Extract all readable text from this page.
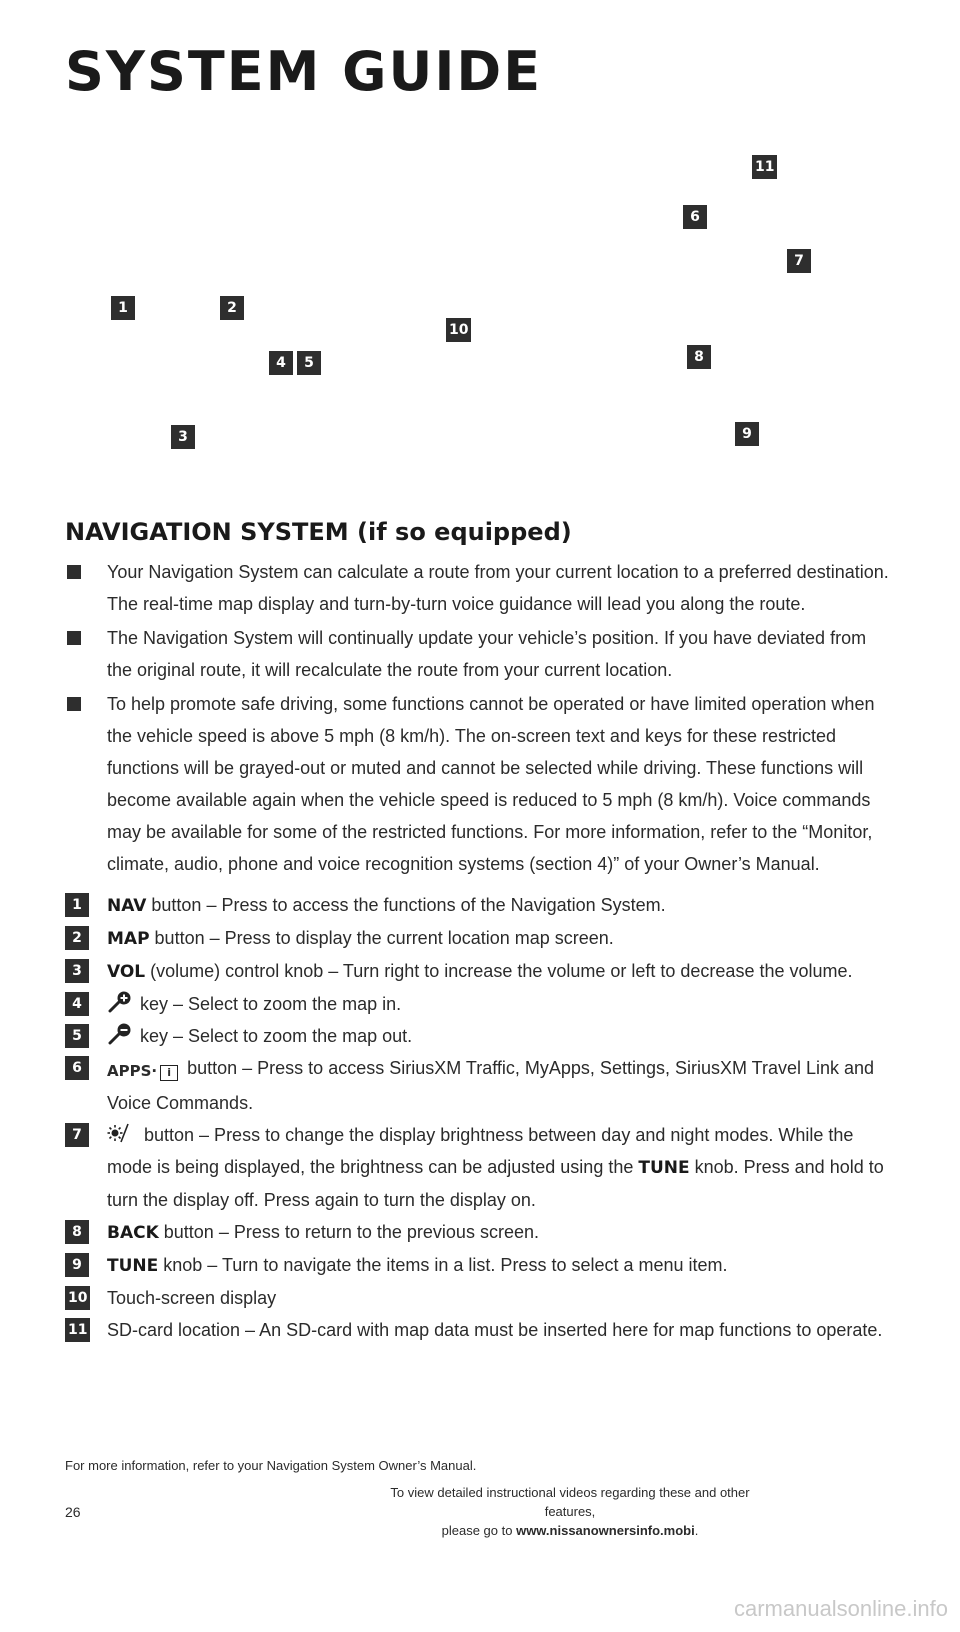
SYSTEM GUIDE
11
6
7
1	2
10
4	5	8
3	9
NAVIGATION SYSTEM (if so equipped)
Your Navigation System can calculate a route from your current location to a preferred destination. The real-time map display and turn-by-turn voice guidance will lead you along the route.
The Navigation System will continually update your vehicle’s position. If you have deviated from the original route, it will recalculate the route from your current location.
To help promote safe driving, some functions cannot be operated or have limited operation when the vehicle speed is above 5 mph (8 km/h). The on-screen text and keys for these restricted functions will be grayed-out or muted and cannot be selected while driving. These functions will become available again when the vehicle speed is reduced to 5 mph (8 km/h). Voice commands may be available for some of the restricted functions. For more information, refer to the “Monitor, climate, audio, phone and voice recognition systems (section 4)” of your Owner’s Manual.
1	NAV button – Press to access the functions of the Navigation System.
2	MAP button – Press to display the current location map screen.
3	VOL (volume) control knob – Turn right to increase the volume or left to decrease the volume.
4	key – Select to zoom the map in.
5	key – Select to zoom the map out.
6	APPS· i button – Press to access SiriusXM Traffic, MyApps, Settings, SiriusXM Travel Link and Voice Commands.
7	button – Press to change the display brightness between day and night modes. While the mode is being displayed, the brightness can be adjusted using the TUNE knob. Press and hold to turn the display off. Press again to turn the display on.
8	BACK button – Press to return to the previous screen.
9	TUNE knob – Turn to navigate the items in a list. Press to select a menu item.
10 Touch-screen display
11 SD-card location – An SD-card with map data must be inserted here for map functions to operate.
For more information, refer to your Navigation System Owner’s Manual.
26
To view detailed instructional videos regarding these and other features,
please go to www.nissanownersinfo.mobi.
carmanualsonline.info
